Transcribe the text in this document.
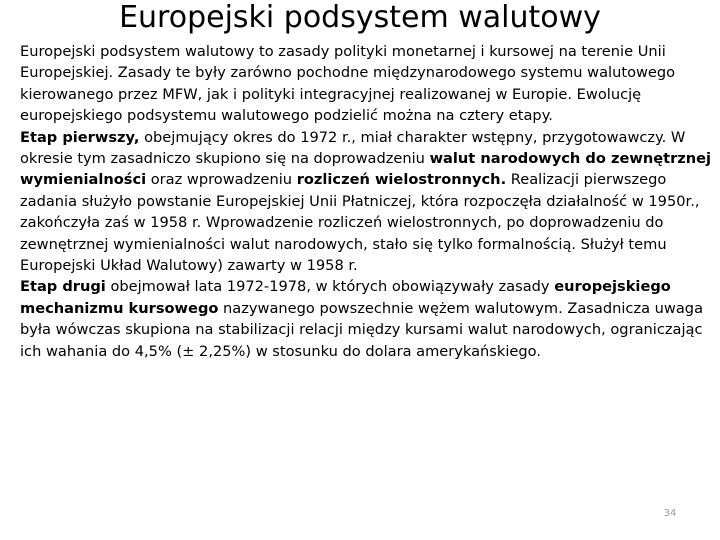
Europejski podsystem walutowy

Europejski podsystem walutowy to zasady polityki monetarnej i kursowej na terenie Unii Europejskiej. Zasady te były zarówno pochodne międzynarodowego systemu walutowego kierowanego przez MFW, jak i polityki integracyjnej realizowanej w Europie. Ewolucję europejskiego podsystemu walutowego podzielić można na cztery etapy.

Etap pierwszy, obejmujący okres do 1972 r., miał charakter wstępny, przygotowawczy. W okresie tym zasadniczo skupiono się na doprowadzeniu walut narodowych do zewnętrznej wymienialności oraz wprowadzeniu rozliczeń wielostronnych. Realizacji pierwszego zadania służyło powstanie Europejskiej Unii Płatniczej, która rozpoczęła działalność w 1950r., zakończyła zaś w 1958 r. Wprowadzenie rozliczeń wielostronnych, po doprowadzeniu do zewnętrznej wymienialności walut narodowych, stało się tylko formalnością. Służył temu Europejski Układ Walutowy) zawarty w 1958 r.

Etap drugi obejmował lata 1972-1978, w których obowiązywały zasady europejskiego mechanizmu kursowego nazywanego powszechnie wężem walutowym. Zasadnicza uwaga była wówczas skupiona na stabilizacji relacji między kursami walut narodowych, ograniczając ich wahania do 4,5% (± 2,25%) w stosunku do dolara amerykańskiego.

34
